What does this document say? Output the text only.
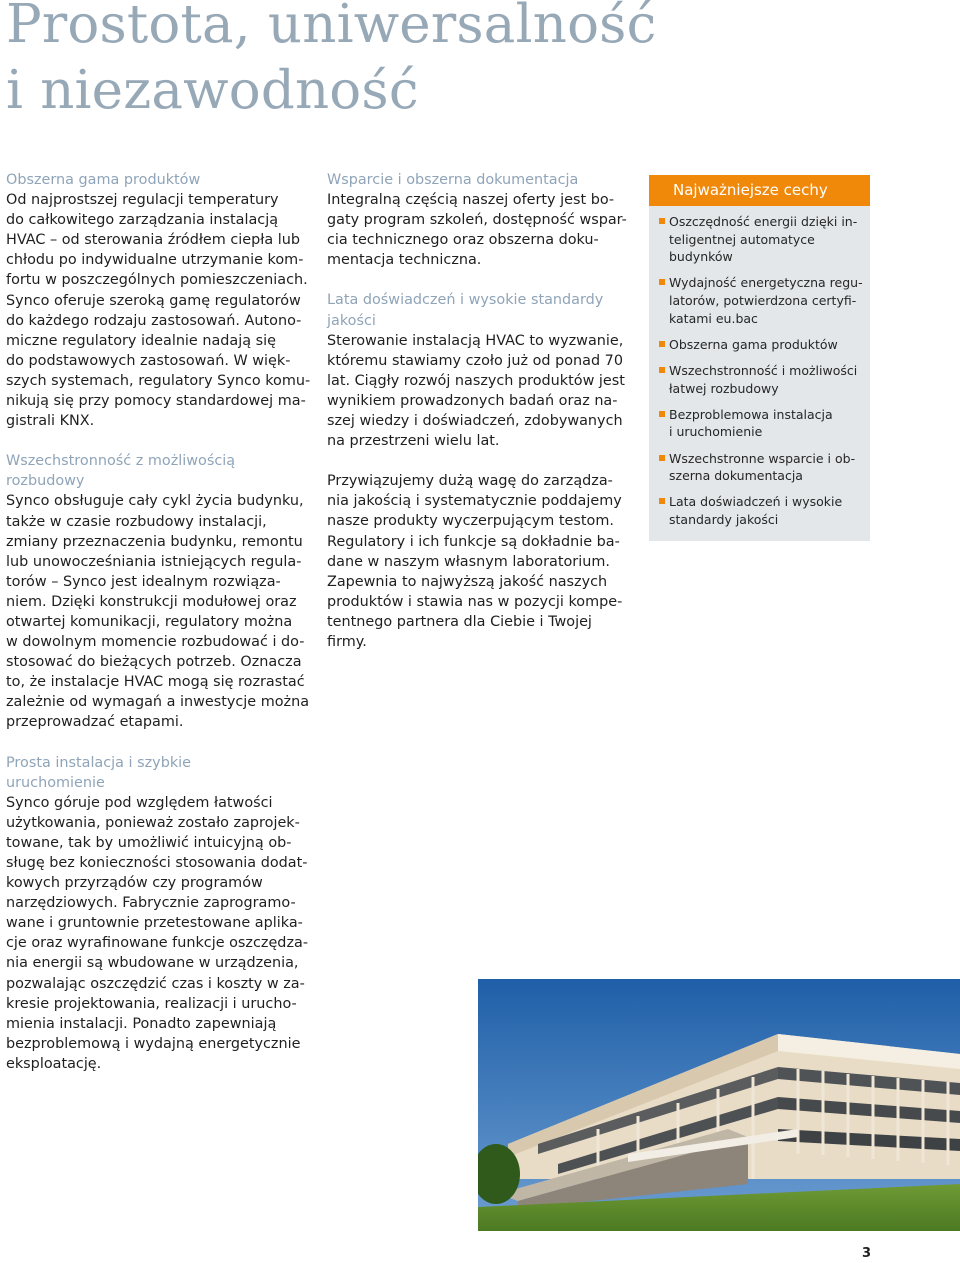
Prostota, uniwersalność
i niezawodność
Obszerna gama produktów

Od najprostszej regulacji temperatury
do całkowitego zarządzania instalacją
HVAC – od sterowania źródłem ciepła lub
chłodu po indywidualne utrzymanie kom-
fortu w poszczególnych pomieszczeniach.
Synco oferuje szeroką gamę regulatorów
do każdego rodzaju zastosowań. Autono-
miczne regulatory idealnie nadają się
do podstawowych zastosowań. W więk-
szych systemach, regulatory Synco komu-
nikują się przy pomocy standardowej ma-
gistrali KNX.

Wszechstronność z możliwością
rozbudowy

Synco obsługuje cały cykl życia budynku,
także w czasie rozbudowy instalacji,
zmiany przeznaczenia budynku, remontu
lub unowocześniania istniejących regula-
torów – Synco jest idealnym rozwiąza-
niem. Dzięki konstrukcji modułowej oraz
otwartej komunikacji, regulatory można
w dowolnym momencie rozbudować i do-
stosować do bieżących potrzeb. Oznacza
to, że instalacje HVAC mogą się rozrastać
zależnie od wymagań a inwestycje można
przeprowadzać etapami.

Prosta instalacja i szybkie
uruchomienie

Synco góruje pod względem łatwości
użytkowania, ponieważ zostało zaprojek-
towane, tak by umożliwić intuicyjną ob-
sługę bez konieczności stosowania dodat-
kowych przyrządów czy programów
narzędziowych. Fabrycznie zaprogramo-
wane i gruntownie przetestowane aplika-
cje oraz wyrafinowane funkcje oszczędza-
nia energii są wbudowane w urządzenia,
pozwalając oszczędzić czas i koszty w za-
kresie projektowania, realizacji i urucho-
mienia instalacji. Ponadto zapewniają
bezproblemową i wydajną energetycznie
eksploatację.

Wsparcie i obszerna dokumentacja

Integralną częścią naszej oferty jest bo-
gaty program szkoleń, dostępność wspar-
cia technicznego oraz obszerna doku-
mentacja techniczna.

Lata doświadczeń i wysokie standardy
jakości

Sterowanie instalacją HVAC to wyzwanie,
któremu stawiamy czoło już od ponad 70
lat. Ciągły rozwój naszych produktów jest
wynikiem prowadzonych badań oraz na-
szej wiedzy i doświadczeń, zdobywanych
na przestrzeni wielu lat.

Przywiązujemy dużą wagę do zarządza-
nia jakością i systematycznie poddajemy
nasze produkty wyczerpującym testom.
Regulatory i ich funkcje są dokładnie ba-
dane w naszym własnym laboratorium.
Zapewnia to najwyższą jakość naszych
produktów i stawia nas w pozycji kompe-
tentnego partnera dla Ciebie i Twojej
firmy.

Najważniejsze cechy
Oszczędność energii dzięki in-
teligentnej automatyce
budynków
Wydajność energetyczna regu-
latorów, potwierdzona certyfi-
katami eu.bac
Obszerna gama produktów
Wszechstronność i możliwości
łatwej rozbudowy
Bezproblemowa instalacja
i uruchomienie
Wszechstronne wsparcie i ob-
szerna dokumentacja
Lata doświadczeń i wysokie
standardy jakości
3
